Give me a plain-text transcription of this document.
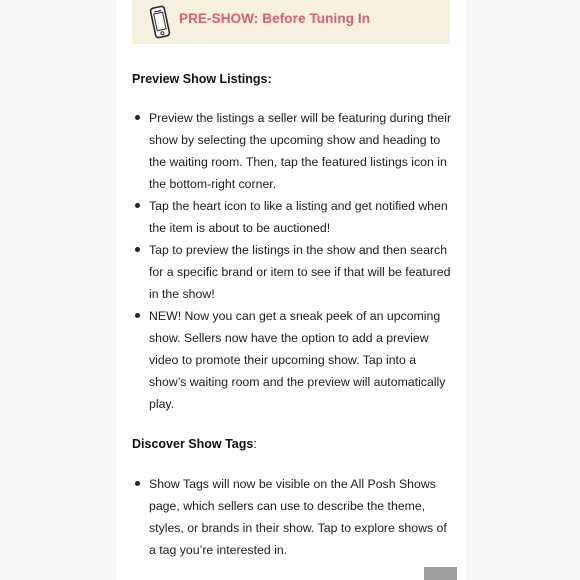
PRE-SHOW: Before Tuning In
Preview Show Listings:
Preview the listings a seller will be featuring during their show by selecting the upcoming show and heading to the waiting room. Then, tap the featured listings icon in the bottom-right corner.
Tap the heart icon to like a listing and get notified when the item is about to be auctioned!
Tap to preview the listings in the show and then search for a specific brand or item to see if that will be featured in the show!
NEW! Now you can get a sneak peek of an upcoming show. Sellers now have the option to add a preview video to promote their upcoming show. Tap into a show’s waiting room and the preview will automatically play.
Discover Show Tags:
Show Tags will now be visible on the All Posh Shows page, which sellers can use to describe the theme, styles, or brands in their show. Tap to explore shows of a tag you’re interested in.
